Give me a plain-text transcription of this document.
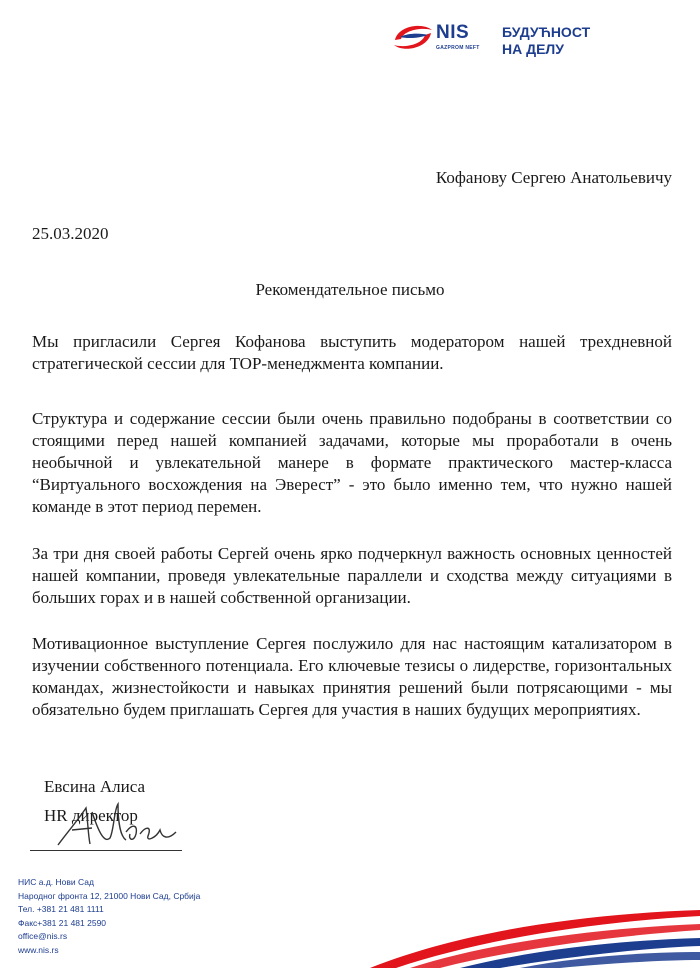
NIS
GAZPROM NEFT
БУДУЋНОСТ
НА ДЕЛУ
Кофанову Сергею Анатольевичу
25.03.2020
Рекомендательное письмо

Мы пригласили Сергея Кофанова выступить модератором нашей трехдневной стратегической сессии для TOP-менеджмента компании.

Структура и содержание сессии были очень правильно подобраны в соответствии со стоящими перед нашей компанией задачами, которые мы проработали в очень необычной и увлекательной манере в формате практического мастер-класса “Виртуального восхождения на Эверест” - это было именно тем, что нужно нашей команде в этот период перемен.

За три дня своей работы Сергей очень ярко подчеркнул важность основных ценностей нашей компании, проведя увлекательные параллели и сходства между ситуациями в больших горах и в нашей собственной организации.

Мотивационное выступление Сергея послужило для нас настоящим катализатором в изучении собственного потенциала. Его ключевые тезисы о лидерстве, горизонтальных командах, жизнестойкости и навыках принятия решений были потрясающими - мы обязательно будем приглашать Сергея для участия в наших будущих мероприятиях.

Евсина Алиса
HR директор
НИС а.д. Нови Сад
Народног фронта 12, 21000 Нови Сад, Србија
Тел. +381 21 481 1111
Факс+381 21 481 2590
office@nis.rs
www.nis.rs
